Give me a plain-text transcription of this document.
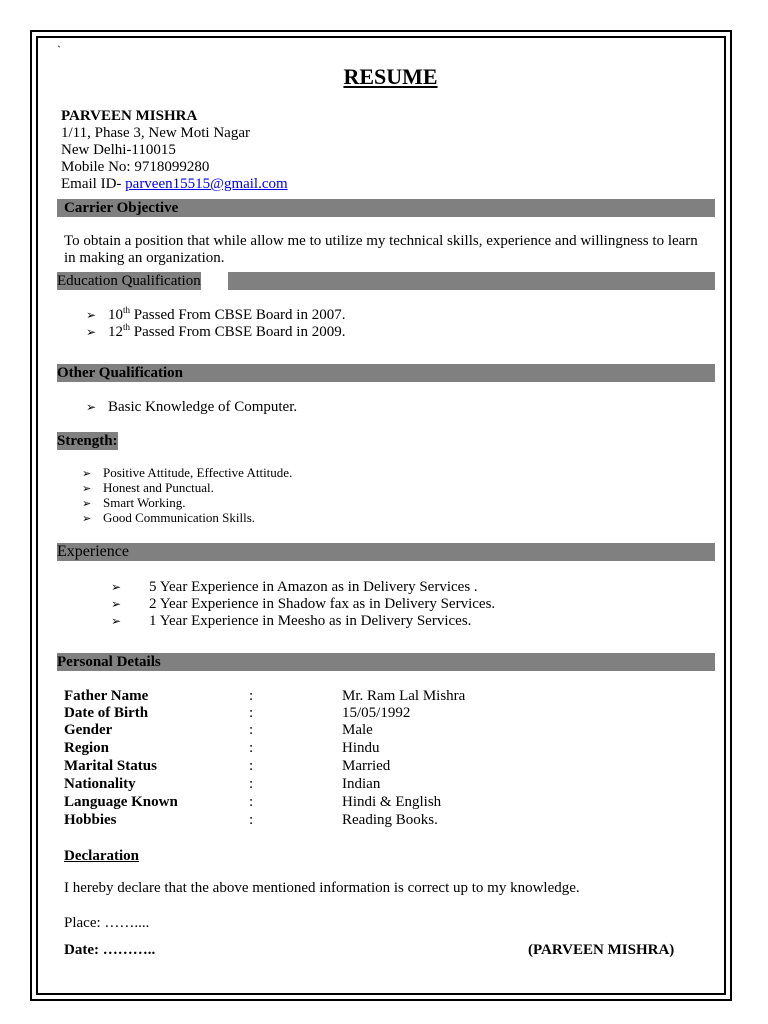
`
RESUME
PARVEEN MISHRA
1/11, Phase 3, New Moti Nagar
New Delhi-110015
Mobile No: 9718099280
Email ID- parveen15515@gmail.com
Carrier Objective
To obtain a position that while allow me to utilize my technical skills, experience and willingness to learn in making an organization.
Education Qualification
➢ 10th Passed From CBSE Board in 2007.
➢ 12th Passed From CBSE Board in 2009.
Other Qualification
➢ Basic Knowledge of Computer.
Strength:
➢ Positive Attitude, Effective Attitude.
➢ Honest and Punctual.
➢ Smart Working.
➢ Good Communication Skills.
Experience
➢ 5 Year Experience in Amazon as in Delivery Services .
➢ 2 Year Experience in Shadow fax as in Delivery Services.
➢ 1 Year Experience in Meesho as in Delivery Services.
Personal Details
Father Name	:	Mr. Ram Lal Mishra
Date of Birth	:	15/05/1992
Gender	:	Male
Region	:	Hindu
Marital Status	:	Married
Nationality	:	Indian
Language Known	:	Hindi & English
Hobbies	:	Reading Books.
Declaration
I hereby declare that the above mentioned information is correct up to my knowledge.
Place: ……....
Date: ………..	(PARVEEN MISHRA)
